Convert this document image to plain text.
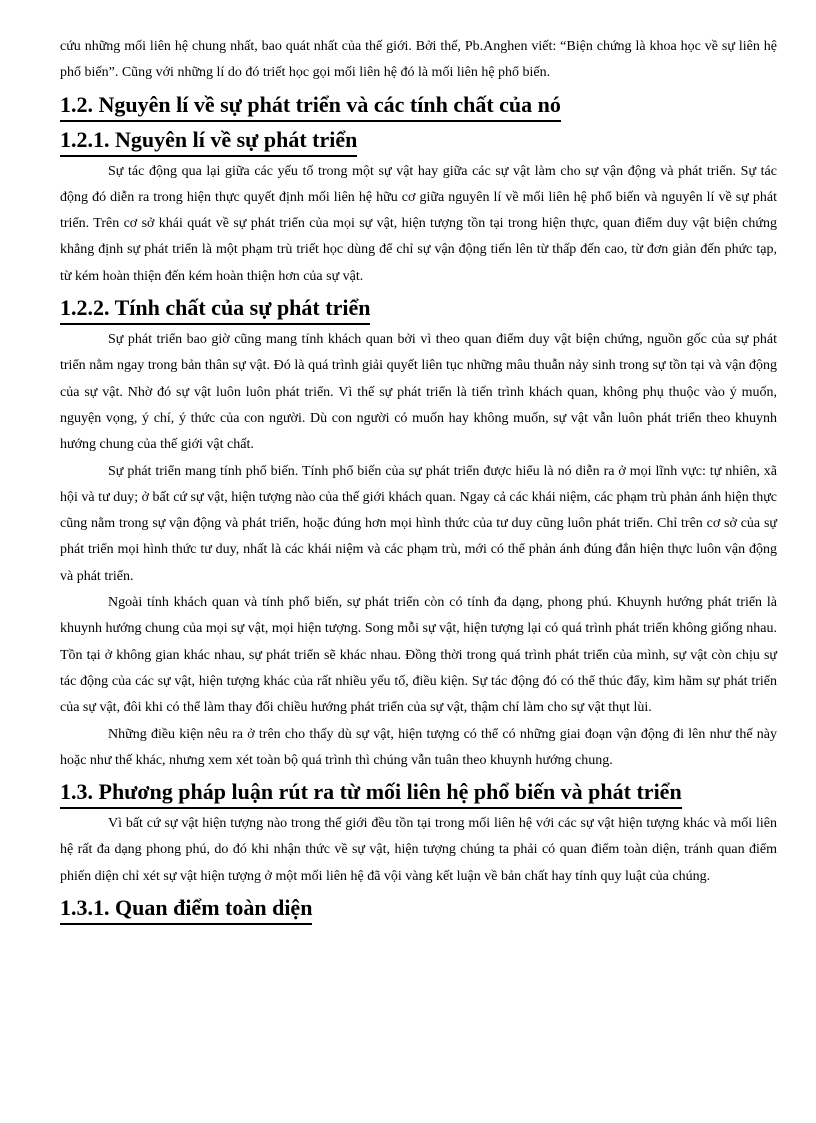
cứu những mối liên hệ chung nhất, bao quát nhất của thế giới. Bởi thế, Pb.Anghen viết: “Biện chứng là khoa học về sự liên hệ phổ biến”. Cũng với những lí do đó triết học gọi mối liên hệ đó là mối liên hệ phổ biến.

1.2. Nguyên lí về sự phát triển và các tính chất của nó
1.2.1. Nguyên lí về sự phát triển

Sự tác động qua lại giữa các yếu tố trong một sự vật hay giữa các sự vật làm cho sự vận động và phát triển. Sự tác động đó diễn ra trong hiện thực quyết định mối liên hệ hữu cơ giữa nguyên lí về mối liên hệ phổ biến và nguyên lí về sự phát triển. Trên cơ sở khái quát về sự phát triển của mọi sự vật, hiện tượng tồn tại trong hiện thực, quan điểm duy vật biện chứng khẳng định sự phát triển là một phạm trù triết học dùng để chỉ sự vận động tiến lên từ thấp đến cao, từ đơn giản đến phức tạp, từ kém hoàn thiện đến kém hoàn thiện hơn của sự vật.

1.2.2. Tính chất của sự phát triển

Sự phát triển bao giờ cũng mang tính khách quan bởi vì theo quan điểm duy vật biện chứng, nguồn gốc của sự phát triển nằm ngay trong bản thân sự vật. Đó là quá trình giải quyết liên tục những mâu thuẫn nảy sinh trong sự tồn tại và vận động của sự vật. Nhờ đó sự vật luôn luôn phát triển. Vì thế sự phát triển là tiến trình khách quan, không phụ thuộc vào ý muốn, nguyện vọng, ý chí, ý thức của con người. Dù con người có muốn hay không muốn, sự vật vẫn luôn phát triển theo khuynh hướng chung của thế giới vật chất.

Sự phát triển mang tính phổ biến. Tính phổ biến của sự phát triển được hiểu là nó diễn ra ở mọi lĩnh vực: tự nhiên, xã hội và tư duy; ở bất cứ sự vật, hiện tượng nào của thế giới khách quan. Ngay cả các khái niệm, các phạm trù phản ánh hiện thực cũng nằm trong sự vận động và phát triển, hoặc đúng hơn mọi hình thức của tư duy cũng luôn phát triển. Chỉ trên cơ sở của sự phát triển mọi hình thức tư duy, nhất là các khái niệm và các phạm trù, mới có thể phản ánh đúng đắn hiện thực luôn vận động và phát triển.

Ngoài tính khách quan và tính phổ biến, sự phát triển còn có tính đa dạng, phong phú. Khuynh hướng phát triển là khuynh hướng chung của mọi sự vật, mọi hiện tượng. Song mỗi sự vật, hiện tượng lại có quá trình phát triển không giống nhau. Tồn tại ở không gian khác nhau, sự phát triển sẽ khác nhau. Đồng thời trong quá trình phát triển của mình, sự vật còn chịu sự tác động của các sự vật, hiện tượng khác của rất nhiều yếu tố, điều kiện. Sự tác động đó có thể thúc đẩy, kìm hãm sự phát triển của sự vật, đôi khi có thể làm thay đổi chiều hướng phát triển của sự vật, thậm chí làm cho sự vật thụt lùi.

Những điều kiện nêu ra ở trên cho thấy dù sự vật, hiện tượng có thể có những giai đoạn vận động đi lên như thế này hoặc như thế khác, nhưng xem xét toàn bộ quá trình thì chúng vẫn tuân theo khuynh hướng chung.

1.3. Phương pháp luận rút ra từ mối liên hệ phổ biến và phát triển

Vì bất cứ sự vật hiện tượng nào trong thế giới đều tồn tại trong mối liên hệ với các sự vật hiện tượng khác và mối liên hệ rất đa dạng phong phú, do đó khi nhận thức về sự vật, hiện tượng chúng ta phải có quan điểm toàn diện, tránh quan điểm phiến diện chỉ xét sự vật hiện tượng ở một mối liên hệ đã vội vàng kết luận về bản chất hay tính quy luật của chúng.

1.3.1. Quan điểm toàn diện
